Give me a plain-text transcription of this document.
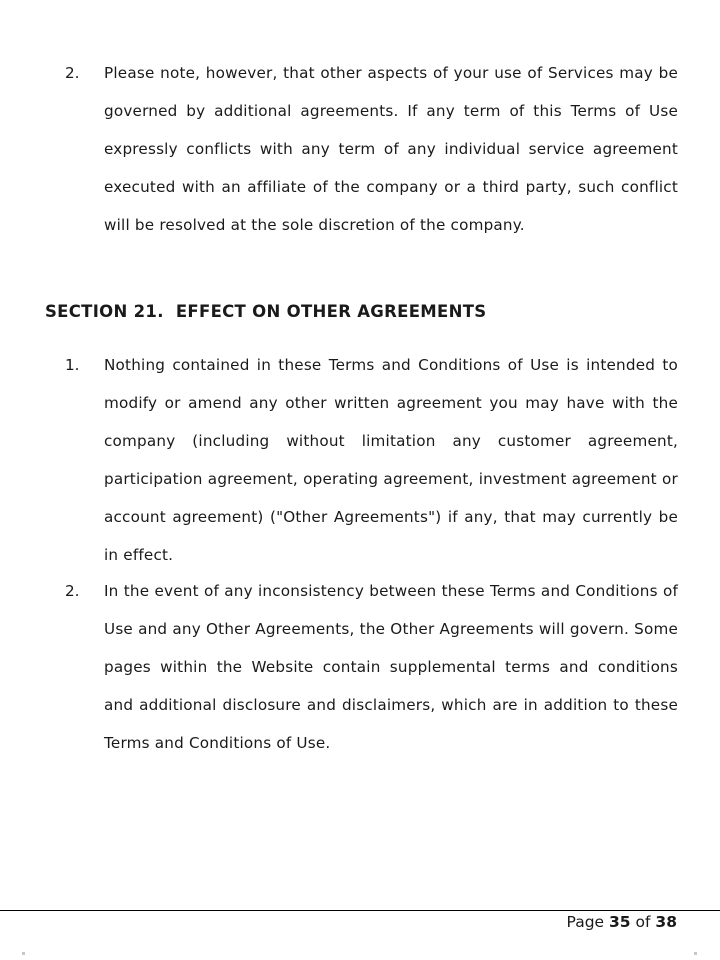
2. Please note, however, that other aspects of your use of Services may be governed by additional agreements. If any term of this Terms of Use expressly conflicts with any term of any individual service agreement executed with an affiliate of the company or a third party, such conflict will be resolved at the sole discretion of the company.
SECTION 21.  EFFECT ON OTHER AGREEMENTS
1. Nothing contained in these Terms and Conditions of Use is intended to modify or amend any other written agreement you may have with the company (including without limitation any customer agreement, participation agreement, operating agreement, investment agreement or account agreement) ("Other Agreements") if any, that may currently be in effect.
2. In the event of any inconsistency between these Terms and Conditions of Use and any Other Agreements, the Other Agreements will govern. Some pages within the Website contain supplemental terms and conditions and additional disclosure and disclaimers, which are in addition to these Terms and Conditions of Use.
Page 35 of 38
